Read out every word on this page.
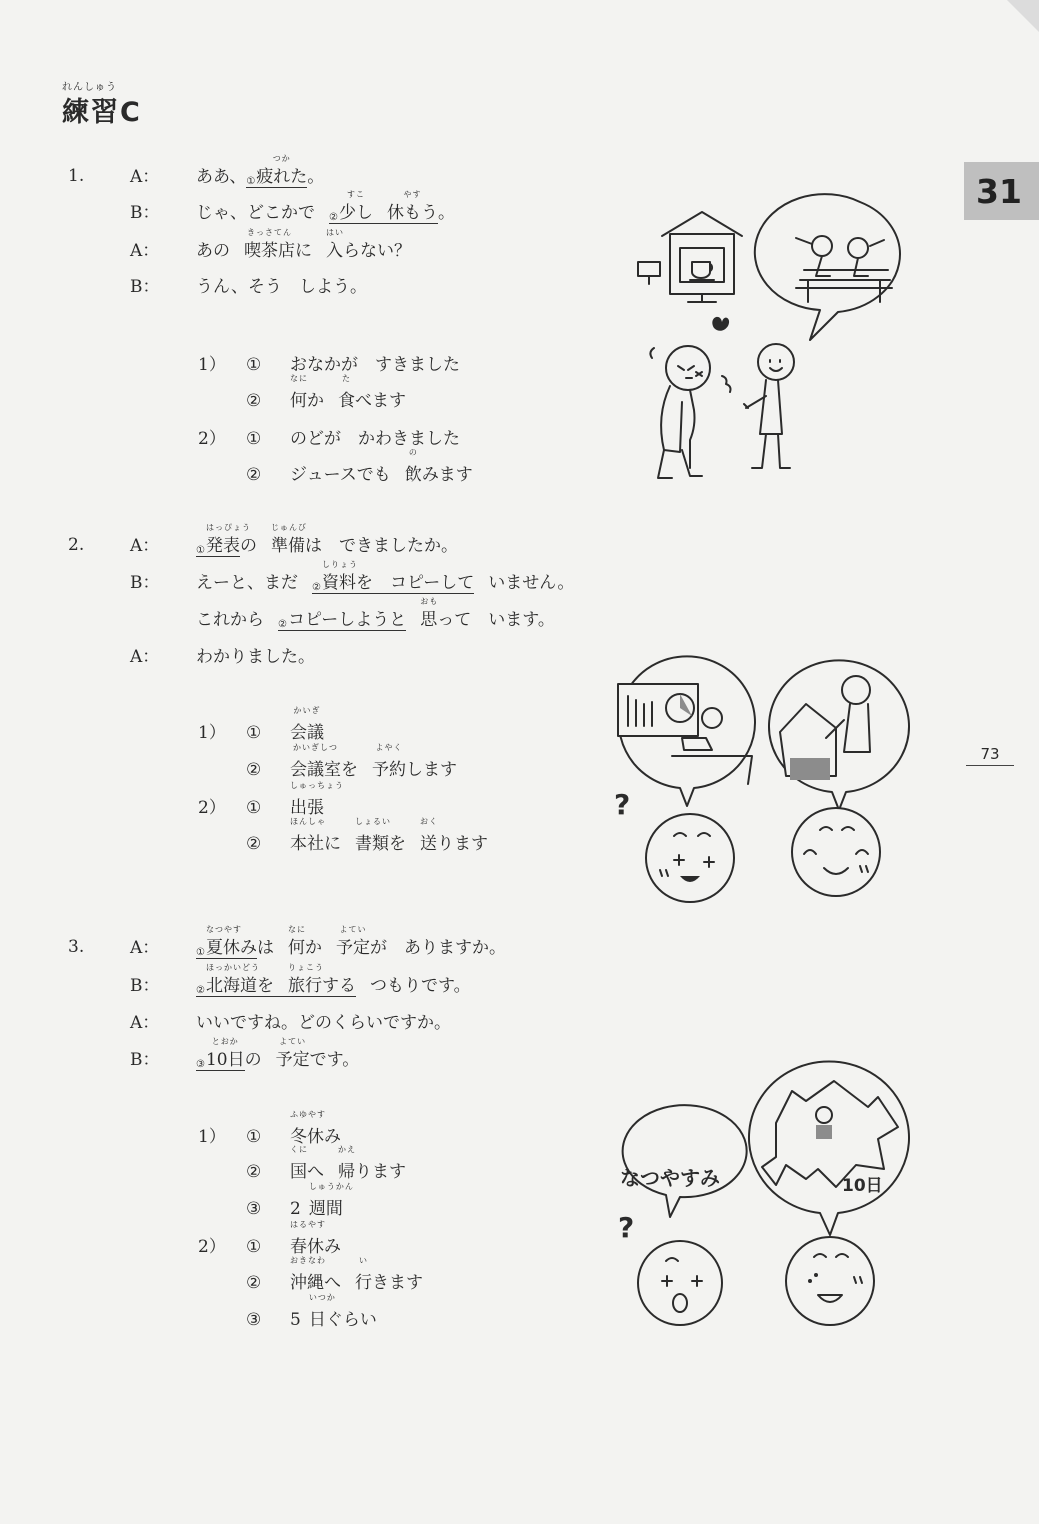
れんしゅう
練習C
31
73
1.	A： ああ、①疲れた
つか
。
B： じゃ、どこかで ②少し
すこ
休もう
やす
。
A： あの 喫茶店
きっさてん
に 入
はい
らない？
B： うん、そう　しよう。
1） ① おなかが　すきました
② 何
なに
か 食
た
べます
2） ① のどが　かわきました
② ジュースでも 飲
の
みます
2.	A：	①発表
はっぴょう
の 準備
じゅんび
は　できましたか。
B： えーと、まだ ②資料
しりょう
を　コピーして いません。
これから ②コピーしようと 思
おも
って　います。
A： わかりました。
1） ① 会議
かいぎ
② 会議室
かいぎしつ
を 予約
よやく
します
2） ① 出張
しゅっちょう
② 本社
ほんしゃ
に 書類
しょるい
を 送
おく
ります
?
3.	A：	①夏休
なつやす
みは 何
なに
か 予定
よてい
が　ありますか。
B：	②北海道
ほっかいどう
を 旅行
りょこう
する つもりです。
A： いいですね。どのくらいですか。
B：	③10日
とおか
の 予定
よてい
です。
1） ① 冬休
ふゆやす
み
② 国
くに
へ 帰
かえ
ります
③ 2 週間
しゅうかん
2） ① 春休
はるやす
み
② 沖縄
おきなわ
へ 行
い
きます
③ 5 日
いつか
ぐらい
なつやすみ	10日
?
